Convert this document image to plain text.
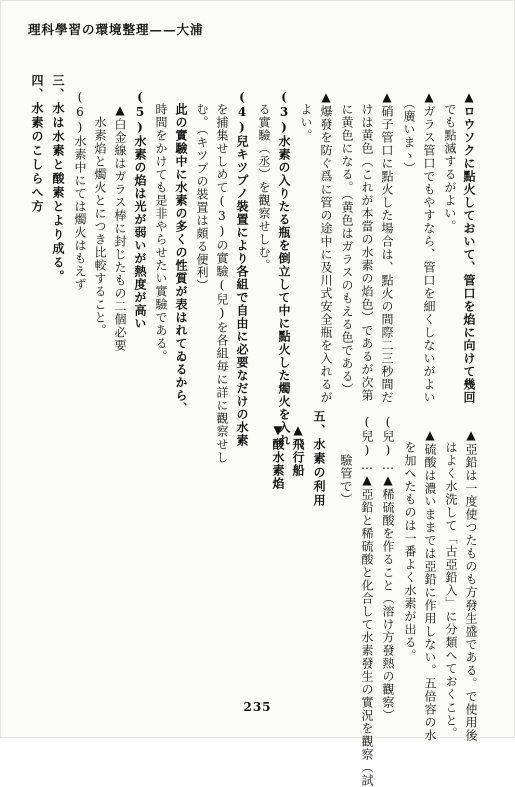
理科學習の環境整理——大浦
▲ロウソクに點火しておいて、管口を焰に向けて幾回
　でも點滅するがよい。
▲ガラス管口でもやすなら、管口を細くしないがよい
　（廣いまゝ）
▲硝子管口に點火した場合は、點火の間際二三秒間だ
　けは黄色（これが本當の水素の焰色）であるが次第
　に黄色になる。（黄色はガラスのもえる色である）
▲爆發を防ぐ爲に管の途中に及川式安全瓶を入れるが
　よい。
(3)水素の入りたる瓶を倒立して中に點火した燭火を入れ
　る實驗（丞）を觀察せしむ。
(4)兒キツプノ裝置により各組で自由に必要なだけの水素
　を捕集せしめて(3)の實驗(兒)を各組毎に詳に觀察せし
　む。（キツプの裝置は頗る便利）
　此の實驗中に水素の多くの性質が表はれてゐるから、
　時間をかけても是非やらせたい實驗である。
(5)水素の焰は光が弱いが熱度が高い
　▲白金線はガラス棒に封じたもの二個必要
　　水素焰と燭火とにつき比較すること。
(6)水素中にては燭火はもえず
三、水は水素と酸素とより成る。
四、水素のこしらへ方
▲亞鉛は一度使つたものも方發生盛である。で使用後
　はよく水洗して「古亞鉛入」に分類へておくこと。
▲硫酸は濃いままでは亞鉛に作用しない。五倍容の水
　を加へたものは一番よく水素が出る。
(兒)…▲稀硫酸を作ること（溶け方發熱の觀察）
(兒)…▲亞鉛と稀硫酸と化合して水素發生の實況を觀察（試
　　　驗管で）
五、水素の利用
　▲飛行船
　▼酸水素焰
235
